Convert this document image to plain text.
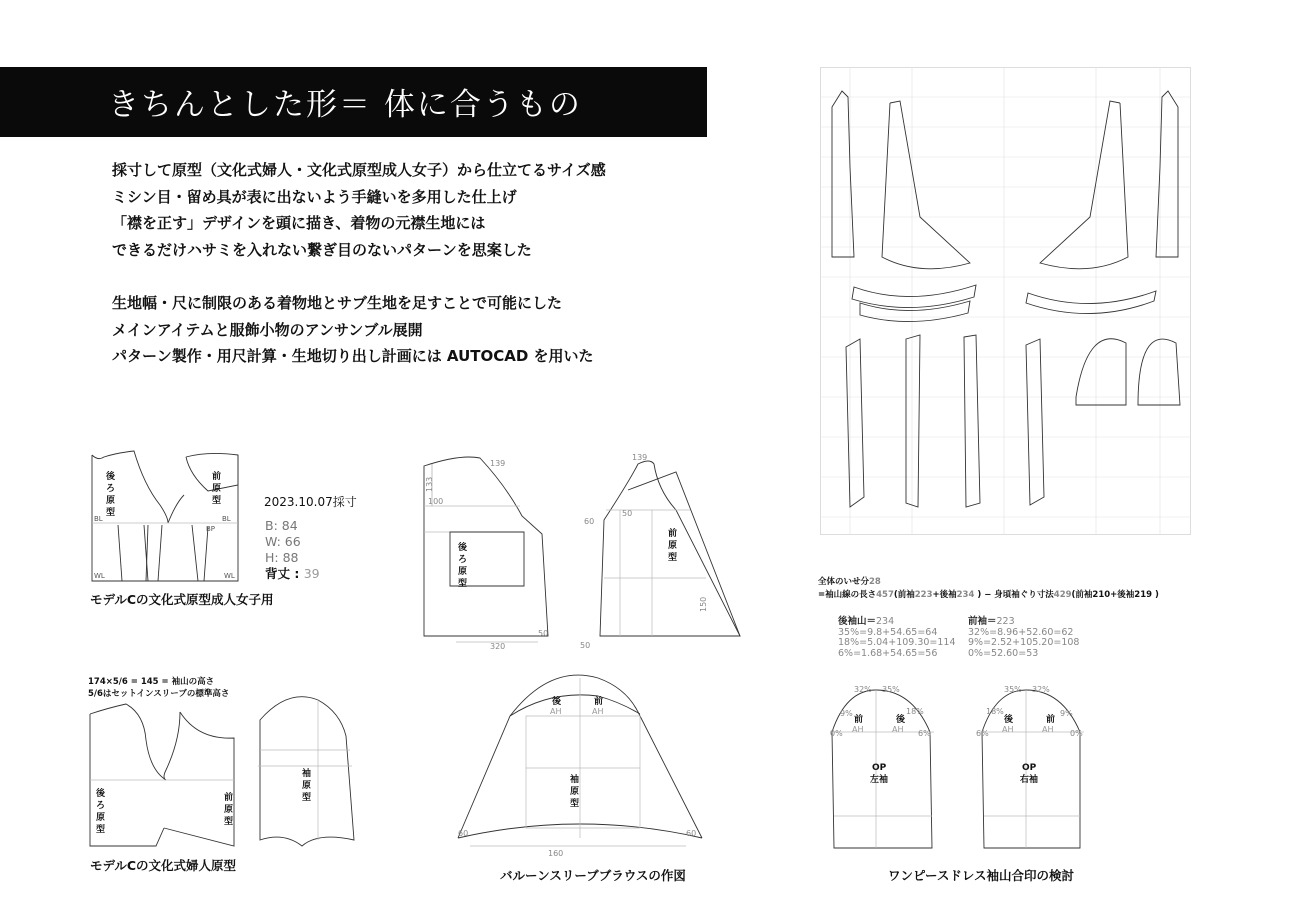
きちんとした形＝ 体に合うもの
採寸して原型（文化式婦人・文化式原型成人女子）から仕立てるサイズ感
ミシン目・留め具が表に出ないよう手縫いを多用した仕上げ
「襟を正す」デザインを頭に描き、着物の元襟生地には
できるだけハサミを入れない繋ぎ目のないパターンを思案した
生地幅・尺に制限のある着物地とサブ生地を足すことで可能にした
メインアイテムと服飾小物のアンサンブル展開
パターン製作・用尺計算・生地切り出し計画には AUTOCAD を用いた
後
ろ
原
型
前
原
型
BL	BL
BP
WL	WL
モデルCの文化式原型成人女子用
2023.10.07採寸
B: 84
W: 66
H: 88
背丈 : 39
174×5/6 = 145 = 袖山の高さ
5/6はセットインスリーブの標準高さ
後
ろ
原
型
前
原
型
袖
原
型
モデルCの文化式婦人原型
133
100
139
320
50
後
ろ
原
型
139
50
60
50
150
前
原
型
後	前
AH	AH
袖
原
型
160
60	60
バルーンスリーブブラウスの作図
全体のいせ分28
=袖山線の長さ457(前袖223+後袖234 ) − 身頃袖ぐり寸法429(前袖210+後袖219 )
後袖山＝234
35%=9.8+54.65=64
18%=5.04+109.30=114
6%=1.68+54.65=56
前袖＝223
32%=8.96+52.60=62
9%=2.52+105.20=108
0%=52.60=53
32% 35%
9%	18%
0%	6%
前	後
AH	AH
OP
左袖
35% 32%
18%	9%
6%	0%
後	前
AH	AH
OP
右袖
ワンピースドレス袖山合印の検討
